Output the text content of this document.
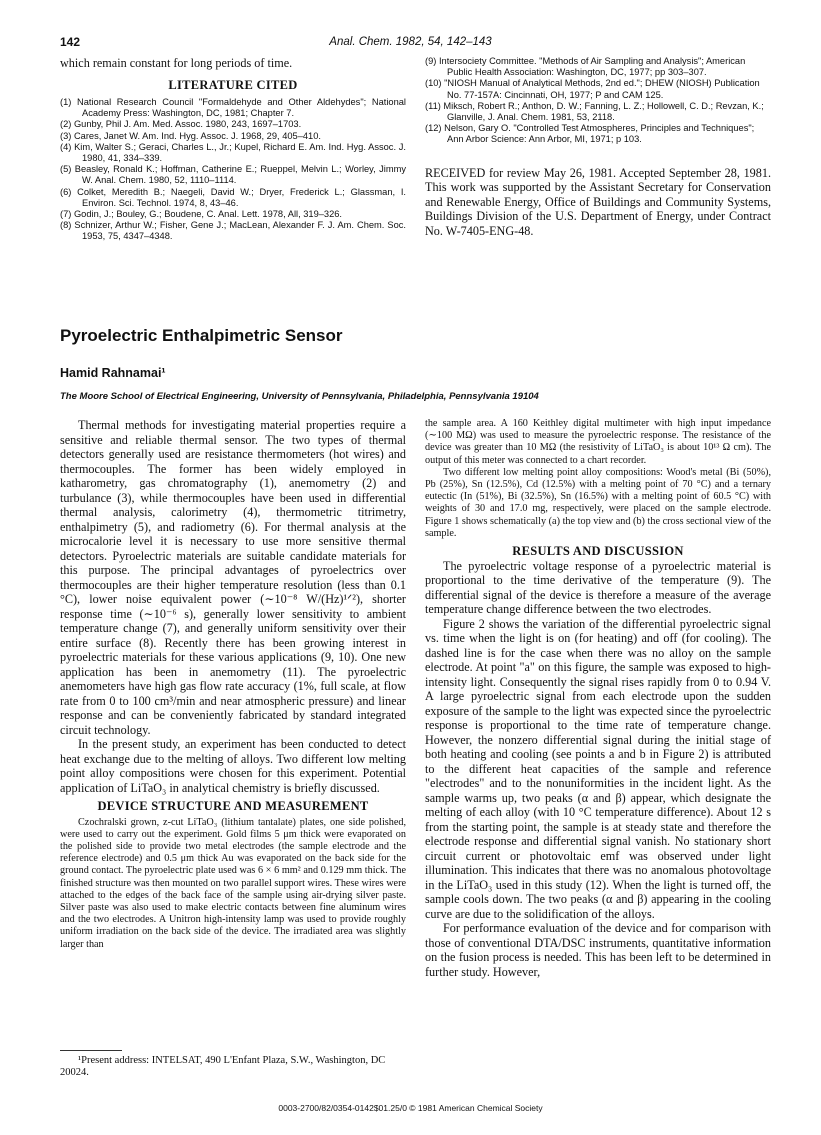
142	Anal. Chem. 1982, 54, 142–143

which remain constant for long periods of time.

LITERATURE CITED

(1) National Research Council "Formaldehyde and Other Aldehydes"; National Academy Press: Washington, DC, 1981; Chapter 7.

(2) Gunby, Phil J. Am. Med. Assoc. 1980, 243, 1697–1703.

(3) Cares, Janet W. Am. Ind. Hyg. Assoc. J. 1968, 29, 405–410.

(4) Kim, Walter S.; Geraci, Charles L., Jr.; Kupel, Richard E. Am. Ind. Hyg. Assoc. J. 1980, 41, 334–339.

(5) Beasley, Ronald K.; Hoffman, Catherine E.; Rueppel, Melvin L.; Worley, Jimmy W. Anal. Chem. 1980, 52, 1110–1114.

(6) Colket, Meredith B.; Naegeli, David W.; Dryer, Frederick L.; Glassman, I. Environ. Sci. Technol. 1974, 8, 43–46.

(7) Godin, J.; Bouley, G.; Boudene, C. Anal. Lett. 1978, All, 319–326.

(8) Schnizer, Arthur W.; Fisher, Gene J.; MacLean, Alexander F. J. Am. Chem. Soc. 1953, 75, 4347–4348.

(9) Intersociety Committee. "Methods of Air Sampling and Analysis"; American Public Health Association: Washington, DC, 1977; pp 303–307.

(10) "NIOSH Manual of Analytical Methods, 2nd ed."; DHEW (NIOSH) Publication No. 77-157A: Cincinnati, OH, 1977; P and CAM 125.

(11) Miksch, Robert R.; Anthon, D. W.; Fanning, L. Z.; Hollowell, C. D.; Revzan, K.; Glanville, J. Anal. Chem. 1981, 53, 2118.

(12) Nelson, Gary O. "Controlled Test Atmospheres, Principles and Techniques"; Ann Arbor Science: Ann Arbor, MI, 1971; p 103.

RECEIVED for review May 26, 1981. Accepted September 28, 1981. This work was supported by the Assistant Secretary for Conservation and Renewable Energy, Office of Buildings and Community Systems, Buildings Division of the U.S. Department of Energy, under Contract No. W-7405-ENG-48.

Pyroelectric Enthalpimetric Sensor
Hamid Rahnamai¹
The Moore School of Electrical Engineering, University of Pennsylvania, Philadelphia, Pennsylvania 19104

Thermal methods for investigating material properties require a sensitive and reliable thermal sensor. The two types of thermal detectors generally used are resistance thermometers (hot wires) and thermocouples. The former has been widely employed in katharometry, gas chromatography (1), anemometry (2) and turbulance (3), while thermocouples have been used in differential thermal analysis, calorimetry (4), thermometric titrimetry, enthalpimetry (5), and radiometry (6). For thermal analysis at the microcalorie level it is necessary to use more sensitive thermal detectors. Pyroelectric materials are suitable candidate materials for this purpose. The principal advantages of pyroelectrics over thermocouples are their higher temperature resolution (less than 0.1 °C), lower noise equivalent power (∼10⁻⁸ W/(Hz)¹ᐟ²), shorter response time (∼10⁻⁶ s), generally lower sensitivity to ambient temperature change (7), and generally uniform sensitivity over their entire surface (8). Recently there has been growing interest in pyroelectric materials for these various applications (9, 10). One new application has been in anemometry (11). The pyroelectric anemometers have high gas flow rate accuracy (1%, full scale, at flow rate from 0 to 100 cm³/min and near atmospheric pressure) and linear response and can be conveniently fabricated by standard integrated circuit technology.

In the present study, an experiment has been conducted to detect heat exchange due to the melting of alloys. Two different low melting point alloy compositions were chosen for this experiment. Potential application of LiTaO₃ in analytical chemistry is briefly discussed.

DEVICE STRUCTURE AND MEASUREMENT

Czochralski grown, z-cut LiTaO₃ (lithium tantalate) plates, one side polished, were used to carry out the experiment. Gold films 5 μm thick were evaporated on the polished side to provide two metal electrodes (the sample electrode and the reference electrode) and 0.5 μm thick Au was evaporated on the back side for the ground contact. The pyroelectric plate used was 6 × 6 mm² and 0.129 mm thick. The finished structure was then mounted on two parallel support wires. These wires were attached to the edges of the back face of the sample using air-drying silver paste. Silver paste was also used to make electric contacts between fine aluminum wires and the two electrodes. A Unitron high-intensity lamp was used to provide roughly uniform irradiation on the back side of the device. The irradiated area was slightly larger than

¹Present address: INTELSAT, 490 L'Enfant Plaza, S.W., Washington, DC 20024.

the sample area. A 160 Keithley digital multimeter with high input impedance (∼100 MΩ) was used to measure the pyroelectric response. The resistance of the device was greater than 10 MΩ (the resistivity of LiTaO₃ is about 10¹³ Ω cm). The output of this meter was connected to a chart recorder.

Two different low melting point alloy compositions: Wood's metal (Bi (50%), Pb (25%), Sn (12.5%), Cd (12.5%) with a melting point of 70 °C) and a ternary eutectic (In (51%), Bi (32.5%), Sn (16.5%) with a melting point of 60.5 °C) with weights of 30 and 17.0 mg, respectively, were placed on the sample electrode. Figure 1 shows schematically (a) the top view and (b) the cross sectional view of the sample.

RESULTS AND DISCUSSION

The pyroelectric voltage response of a pyroelectric material is proportional to the time derivative of the temperature (9). The differential signal of the device is therefore a measure of the average temperature change difference between the two electrodes.

Figure 2 shows the variation of the differential pyroelectric signal vs. time when the light is on (for heating) and off (for cooling). The dashed line is for the case when there was no alloy on the sample electrode. At point "a" on this figure, the sample was exposed to high-intensity light. Consequently the signal rises rapidly from 0 to 0.94 V. A large pyroelectric signal from each electrode upon the sudden exposure of the sample to the light was expected since the pyroelectric response is proportional to the time rate of temperature change. However, the nonzero differential signal during the initial stage of both heating and cooling (see points a and b in Figure 2) is attributed to the different heat capacities of the sample and reference "electrodes" and to the nonuniformities in the incident light. As the sample warms up, two peaks (α and β) appear, which designate the melting of each alloy (with 10 °C temperature difference). About 12 s from the starting point, the sample is at steady state and therefore the electrode response and differential signal vanish. No stationary short circuit current or photovoltaic emf was observed under light illumination. This indicates that there was no anomalous photovoltage in the LiTaO₃ used in this study (12). When the light is turned off, the sample cools down. The two peaks (α and β) appearing in the cooling curve are due to the solidification of the alloys.

For performance evaluation of the device and for comparison with those of conventional DTA/DSC instruments, quantitative information on the fusion process is needed. This has been left to be determined in further study. However,

0003-2700/82/0354-0142$01.25/0 © 1981 American Chemical Society
